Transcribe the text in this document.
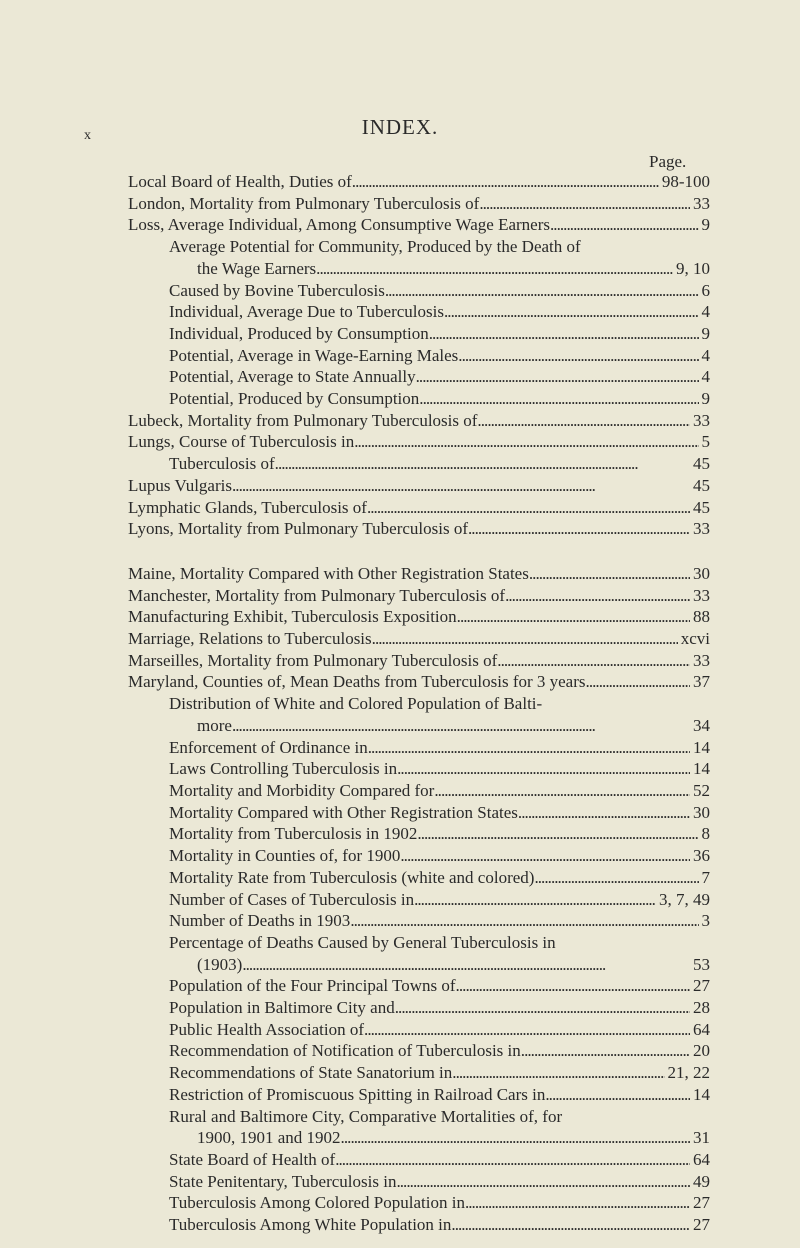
x	INDEX.
Page.
Local Board of Health, Duties of . . .	98-100
London, Mortality from Pulmonary Tuberculosis of . . .	33
Loss, Average Individual, Among Consumptive Wage Earners . . .	9
Average Potential for Community, Produced by the Death of
the Wage Earners . . .	9, 10
Caused by Bovine Tuberculosis . . .	6
Individual, Average Due to Tuberculosis . . .	4
Individual, Produced by Consumption . . .	9
Potential, Average in Wage-Earning Males . . .	4
Potential, Average to State Annually . . .	4
Potential, Produced by Consumption . . .	9
Lubeck, Mortality from Pulmonary Tuberculosis of . . .	33
Lungs, Course of Tuberculosis in . . .	5
Tuberculosis of . . .	45
Lupus Vulgaris . . .	45
Lymphatic Glands, Tuberculosis of . . .	45
Lyons, Mortality from Pulmonary Tuberculosis of . . .	33
Maine, Mortality Compared with Other Registration States . . .	30
Manchester, Mortality from Pulmonary Tuberculosis of . . .	33
Manufacturing Exhibit, Tuberculosis Exposition . . .	88
Marriage, Relations to Tuberculosis . . .	xcvi
Marseilles, Mortality from Pulmonary Tuberculosis of . . .	33
Maryland, Counties of, Mean Deaths from Tuberculosis for 3 years . . .	37
Distribution of White and Colored Population of Balti-
more . . .	34
Enforcement of Ordinance in . . .	14
Laws Controlling Tuberculosis in . . .	14
Mortality and Morbidity Compared for . . .	52
Mortality Compared with Other Registration States . . .	30
Mortality from Tuberculosis in 1902 . . .	8
Mortality in Counties of, for 1900 . . .	36
Mortality Rate from Tuberculosis (white and colored) . . .	7
Number of Cases of Tuberculosis in . . .	3, 7, 49
Number of Deaths in 1903 . . .	3
Percentage of Deaths Caused by General Tuberculosis in
(1903) . . .	53
Population of the Four Principal Towns of . . .	27
Population in Baltimore City and . . .	28
Public Health Association of . . .	64
Recommendation of Notification of Tuberculosis in . . .	20
Recommendations of State Sanatorium in . . .	21, 22
Restriction of Promiscuous Spitting in Railroad Cars in . . .	14
Rural and Baltimore City, Comparative Mortalities of, for
1900, 1901 and 1902 . . .	31
State Board of Health of . . .	64
State Penitentary, Tuberculosis in . . .	49
Tuberculosis Among Colored Population in . . .	27
Tuberculosis Among White Population in . . .	27
